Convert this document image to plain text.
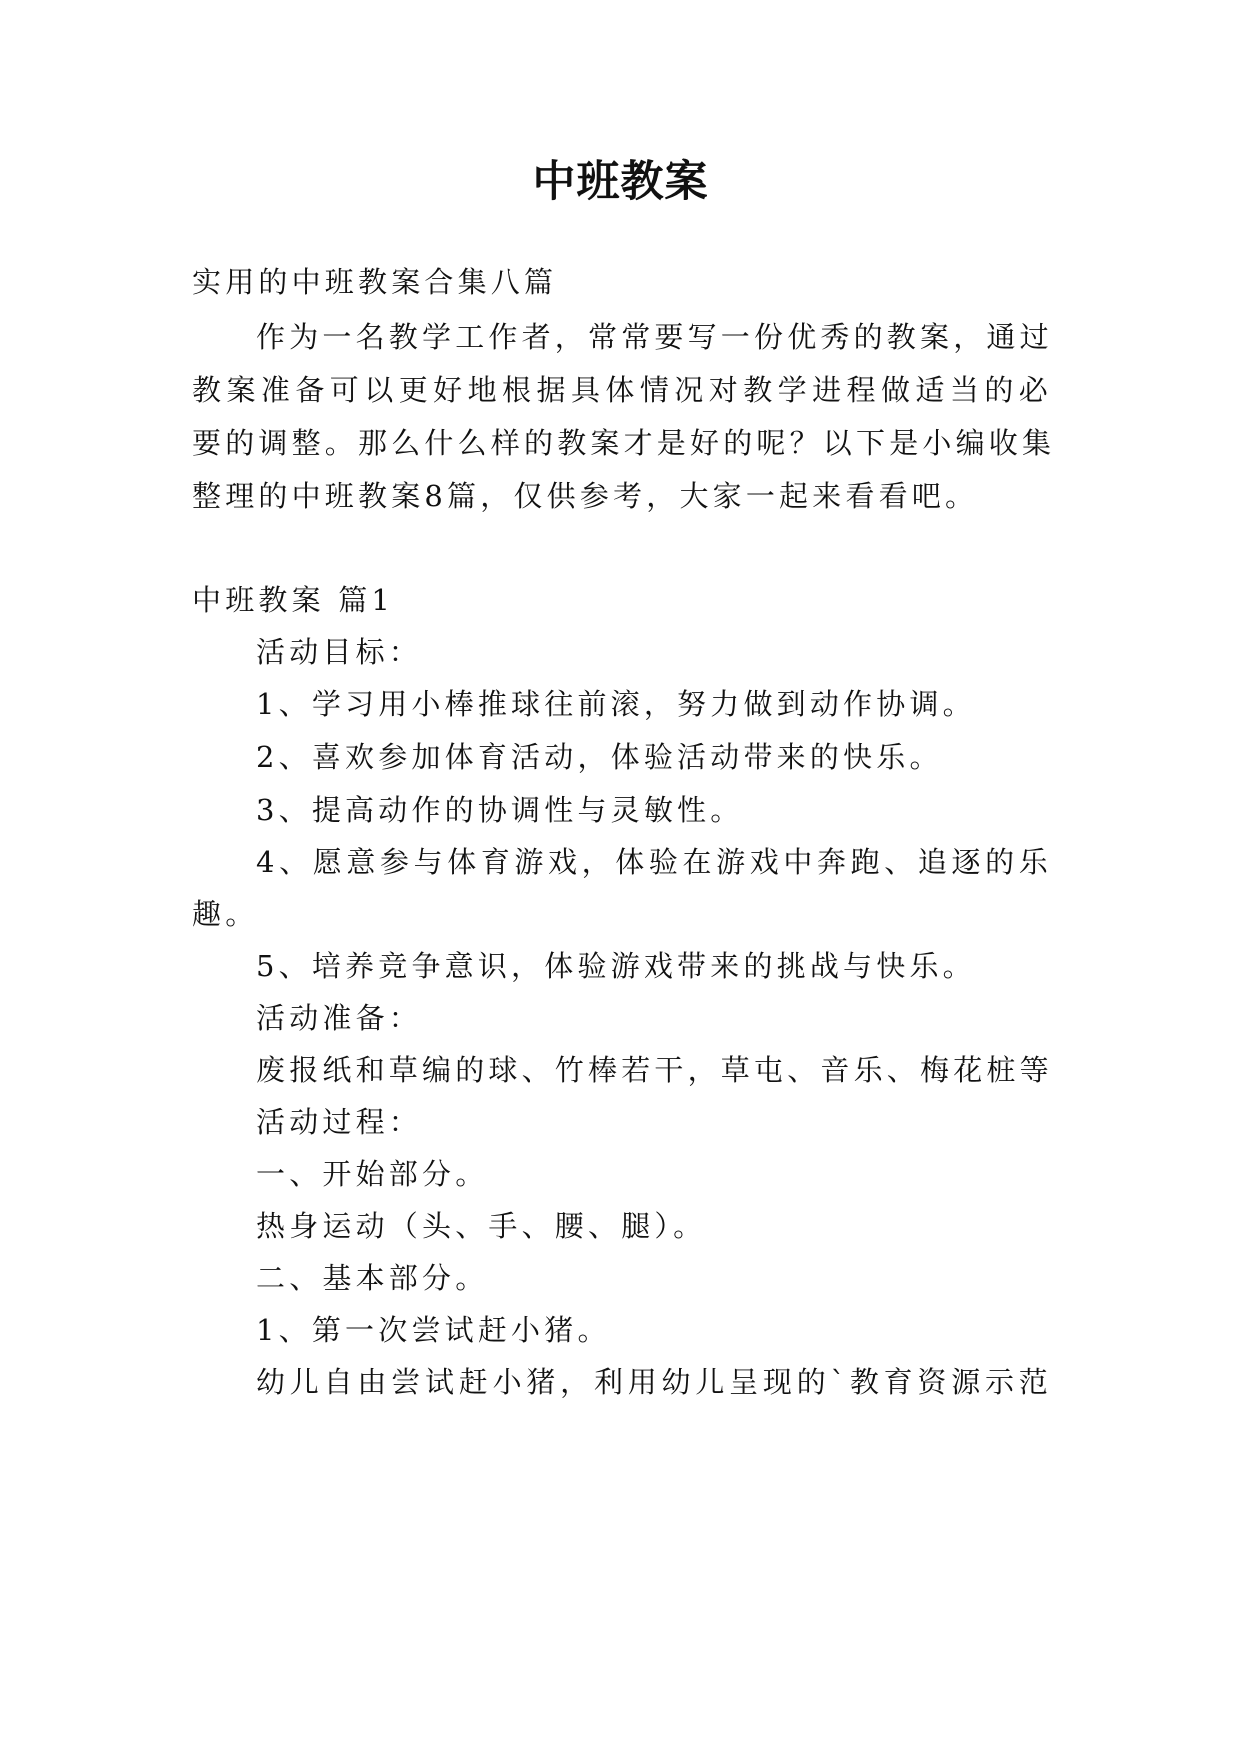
中班教案
实用的中班教案合集八篇
作为一名教学工作者，常常要写一份优秀的教案，通过
教案准备可以更好地根据具体情况对教学进程做适当的必
要的调整。那么什么样的教案才是好的呢？以下是小编收集
整理的中班教案8篇，仅供参考，大家一起来看看吧。
中班教案 篇1
活动目标：
1、学习用小棒推球往前滚，努力做到动作协调。
2、喜欢参加体育活动，体验活动带来的快乐。
3、提高动作的协调性与灵敏性。
4、愿意参与体育游戏，体验在游戏中奔跑、追逐的乐
趣。
5、培养竞争意识，体验游戏带来的挑战与快乐。
活动准备：
废报纸和草编的球、竹棒若干，草屯、音乐、梅花桩等
活动过程：
一、开始部分。
热身运动（头、手、腰、腿）。
二、基本部分。
1、第一次尝试赶小猪。
幼儿自由尝试赶小猪，利用幼儿呈现的`教育资源示范
